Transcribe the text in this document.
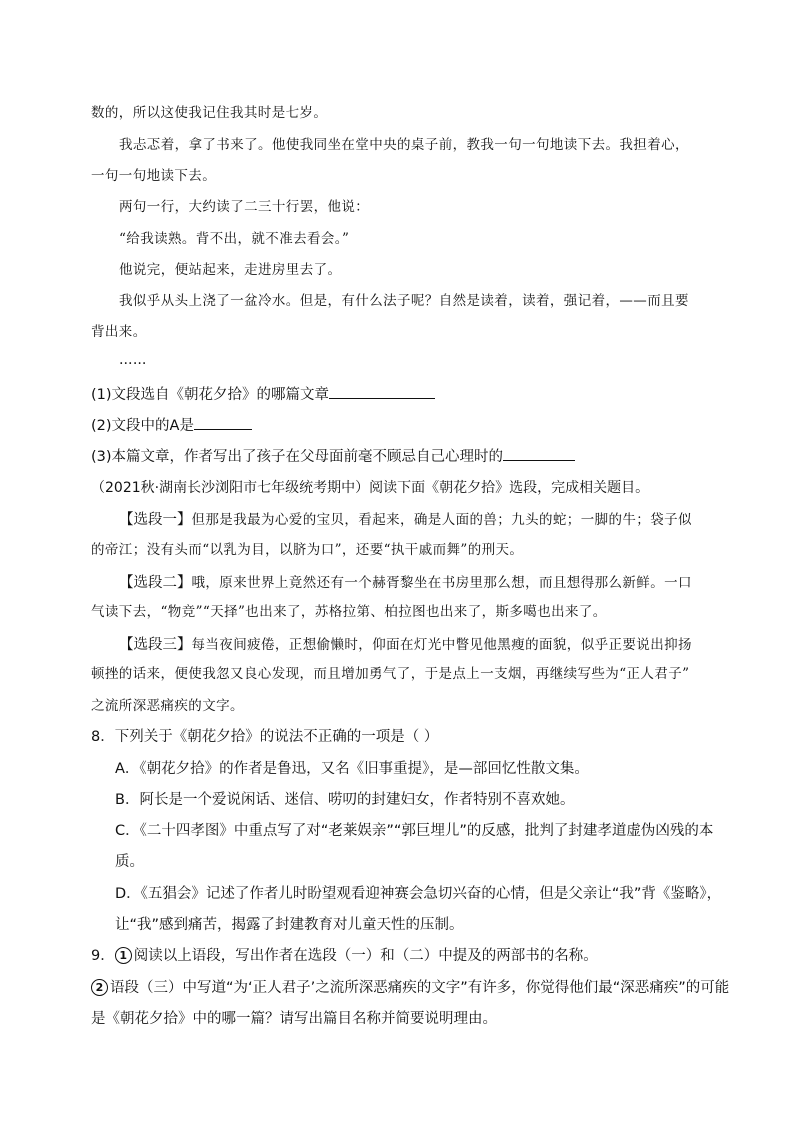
数的，所以这使我记住我其时是七岁。
我忐忑着，拿了书来了。他使我同坐在堂中央的桌子前，教我一句一句地读下去。我担着心，
一句一句地读下去。
两句一行，大约读了二三十行罢，他说：
“给我读熟。背不出，就不准去看会。”
他说完，便站起来，走进房里去了。
我似乎从头上浇了一盆冷水。但是，有什么法子呢？自然是读着，读着，强记着，——而且要
背出来。
……
(1)文段选自《朝花夕拾》的哪篇文章
(2)文段中的A是
(3)本篇文章，作者写出了孩子在父母面前毫不顾忌自己心理时的
（2021秋·湖南长沙浏阳市七年级统考期中）阅读下面《朝花夕拾》选段，完成相关题目。
【选段一】但那是我最为心爱的宝贝，看起来，确是人面的兽；九头的蛇；一脚的牛；袋子似
的帝江；没有头而“以乳为目，以脐为口”，还要“执干戚而舞”的刑天。
【选段二】哦，原来世界上竟然还有一个赫胥黎坐在书房里那么想，而且想得那么新鲜。一口
气读下去，“物竞”“天择”也出来了，苏格拉第、柏拉图也出来了，斯多噶也出来了。
【选段三】每当夜间疲倦，正想偷懒时，仰面在灯光中瞥见他黑瘦的面貌，似乎正要说出抑扬
顿挫的话来，便使我忽又良心发现，而且增加勇气了，于是点上一支烟，再继续写些为“正人君子”
之流所深恶痛疾的文字。
8．下列关于《朝花夕拾》的说法不正确的一项是（ ）
A．《朝花夕拾》的作者是鲁迅，又名《旧事重提》，是—部回忆性散文集。
B．阿长是一个爱说闲话、迷信、唠叨的封建妇女，作者特别不喜欢她。
C．《二十四孝图》中重点写了对“老莱娱亲”“郭巨埋儿”的反感，批判了封建孝道虚伪凶残的本
质。
D．《五猖会》记述了作者儿时盼望观看迎神赛会急切兴奋的心情，但是父亲让“我”背《鉴略》，
让“我”感到痛苦，揭露了封建教育对儿童天性的压制。
9． 1 阅读以上语段，写出作者在选段（一）和（二）中提及的两部书的名称。
2 语段（三）中写道“为‘正人君子’之流所深恶痛疾的文字”有许多，你觉得他们最“深恶痛疾”的可能
是《朝花夕拾》中的哪一篇？请写出篇目名称并简要说明理由。
